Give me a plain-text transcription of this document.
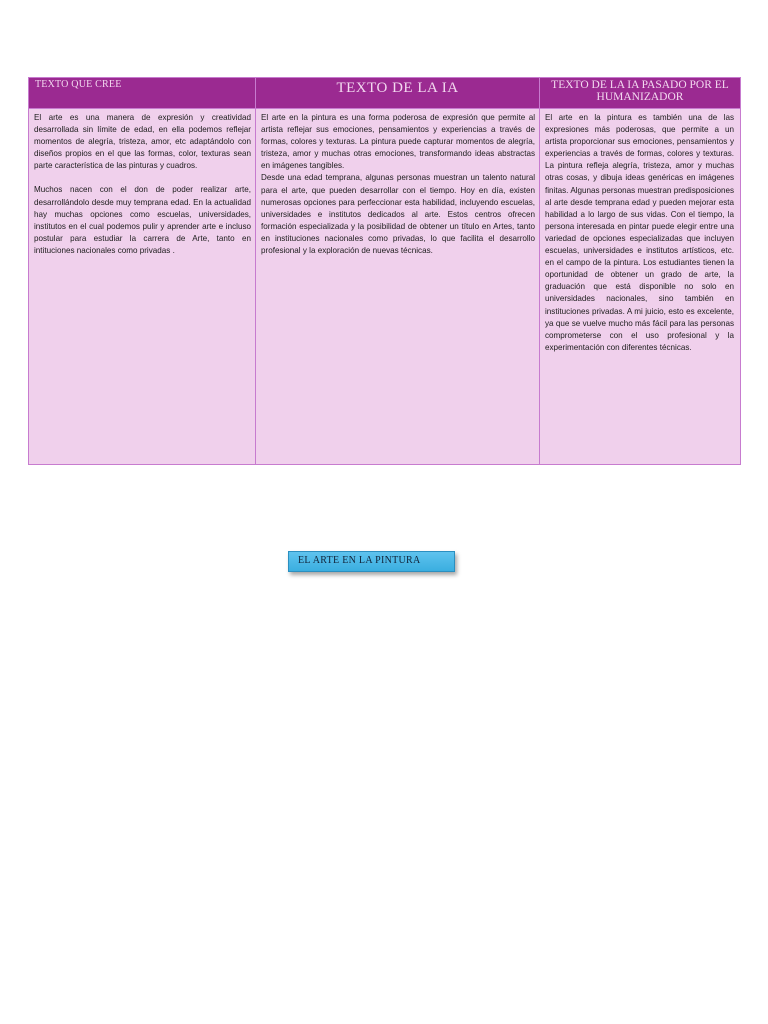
TEXTO QUE CREE	TEXTO DE LA IA	TEXTO DE LA IA PASADO POR EL HUMANIZADOR

El arte es una manera de expresión y creatividad desarrollada sin límite de edad, en ella podemos reflejar momentos de alegría, tristeza, amor, etc adaptándolo con diseños propios en el que las formas, color, texturas sean parte característica de las pinturas y cuadros.

Muchos nacen con el don de poder realizar arte, desarrollándolo desde muy temprana edad. En la actualidad hay muchas opciones como escuelas, universidades, institutos en el cual podemos pulir y aprender arte e incluso postular para estudiar la carrera de Arte, tanto en intituciones nacionales como privadas .

El arte en la pintura es una forma poderosa de expresión que permite al artista reflejar sus emociones, pensamientos y experiencias a través de formas, colores y texturas. La pintura puede capturar momentos de alegría, tristeza, amor y muchas otras emociones, transformando ideas abstractas en imágenes tangibles.

Desde una edad temprana, algunas personas muestran un talento natural para el arte, que pueden desarrollar con el tiempo. Hoy en día, existen numerosas opciones para perfeccionar esta habilidad, incluyendo escuelas, universidades e institutos dedicados al arte. Estos centros ofrecen formación especializada y la posibilidad de obtener un título en Artes, tanto en instituciones nacionales como privadas, lo que facilita el desarrollo profesional y la exploración de nuevas técnicas.

El arte en la pintura es también una de las expresiones más poderosas, que permite a un artista proporcionar sus emociones, pensamientos y experiencias a través de formas, colores y texturas. La pintura refleja alegría, tristeza, amor y muchas otras cosas, y dibuja ideas genéricas en imágenes finitas. Algunas personas muestran predisposiciones al arte desde temprana edad y pueden mejorar esta habilidad a lo largo de sus vidas. Con el tiempo, la persona interesada en pintar puede elegir entre una variedad de opciones especializadas que incluyen escuelas, universidades e institutos artísticos, etc. en el campo de la pintura. Los estudiantes tienen la oportunidad de obtener un grado de arte, la graduación que está disponible no solo en universidades nacionales, sino también en instituciones privadas. A mi juicio, esto es excelente, ya que se vuelve mucho más fácil para las personas comprometerse con el uso profesional y la experimentación con diferentes técnicas.

EL ARTE EN LA PINTURA
